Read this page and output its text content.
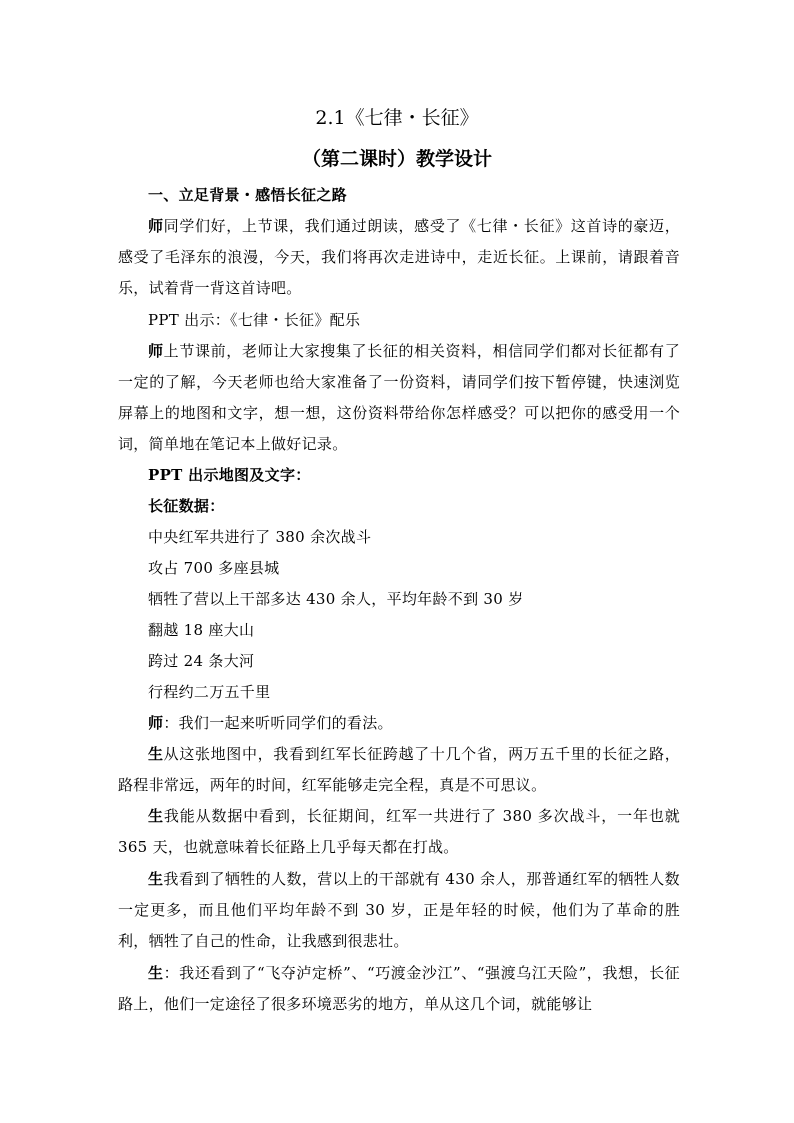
2.1《七律・长征》
（第二课时）教学设计
一、立足背景・感悟长征之路
师同学们好，上节课，我们通过朗读，感受了《七律・长征》这首诗的豪迈，感受了毛泽东的浪漫，今天，我们将再次走进诗中，走近长征。上课前，请跟着音乐，试着背一背这首诗吧。
PPT 出示：《七律・长征》配乐
师上节课前，老师让大家搜集了长征的相关资料，相信同学们都对长征都有了一定的了解，今天老师也给大家准备了一份资料，请同学们按下暂停键，快速浏览屏幕上的地图和文字，想一想，这份资料带给你怎样感受？可以把你的感受用一个词，简单地在笔记本上做好记录。
PPT 出示地图及文字：
长征数据：
中央红军共进行了 380 余次战斗
攻占 700 多座县城
牺牲了营以上干部多达 430 余人，平均年龄不到 30 岁
翻越 18 座大山
跨过 24 条大河
行程约二万五千里
师：我们一起来听听同学们的看法。
生从这张地图中，我看到红军长征跨越了十几个省，两万五千里的长征之路，路程非常远，两年的时间，红军能够走完全程，真是不可思议。
生我能从数据中看到，长征期间，红军一共进行了 380 多次战斗，一年也就 365 天，也就意味着长征路上几乎每天都在打战。
生我看到了牺牲的人数，营以上的干部就有 430 余人，那普通红军的牺牲人数一定更多，而且他们平均年龄不到 30 岁，正是年轻的时候，他们为了革命的胜利，牺牲了自己的性命，让我感到很悲壮。
生：我还看到了“飞夺泸定桥”、“巧渡金沙江”、“强渡乌江天险”，我想，长征路上，他们一定途径了很多环境恶劣的地方，单从这几个词，就能够让
